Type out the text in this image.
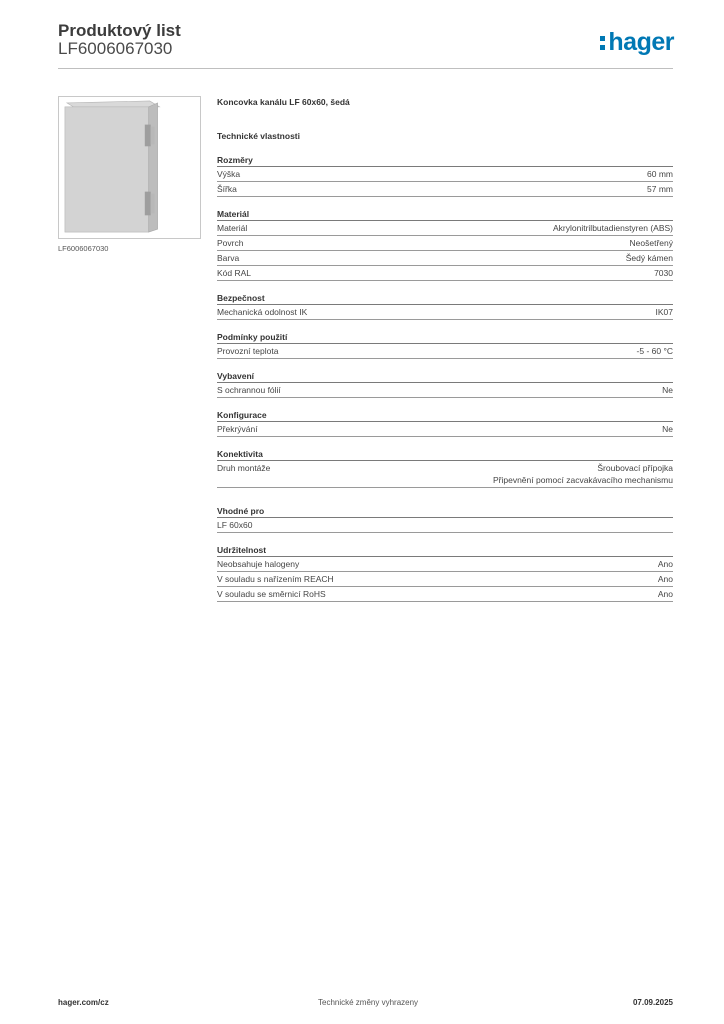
Produktový list
LF6006067030	hager
LF6006067030
Koncovka kanálu LF 60x60, šedá
Technické vlastnosti
Rozměry
Výška	60 mm
Šířka	57 mm
Materiál
Materiál	Akrylonitrilbutadienstyren (ABS)
Povrch	Neošetřený
Barva	Šedý kámen
Kód RAL	7030
Bezpečnost
Mechanická odolnost IK	IK07
Podmínky použití
Provozní teplota	-5 - 60 °C
Vybavení
S ochrannou fólií	Ne
Konfigurace
Překrývání	Ne
Konektivita
Druh montáže	Šroubovací přípojka
Připevnění pomocí zacvakávacího mechanismu
Vhodné pro
LF 60x60
Udržitelnost
Neobsahuje halogeny	Ano
V souladu s nařízením REACH	Ano
V souladu se směrnicí RoHS	Ano
hager.com/cz	Technické změny vyhrazeny	07.09.2025
